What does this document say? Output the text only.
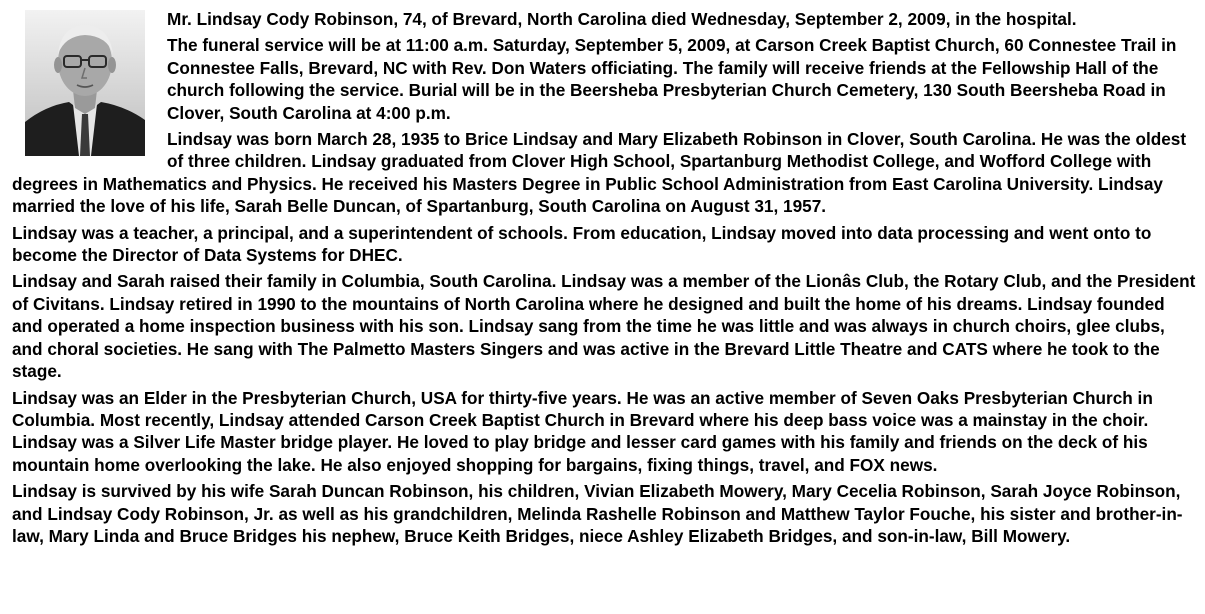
Mr. Lindsay Cody Robinson, 74, of Brevard, North Carolina died Wednesday, September 2, 2009, in the hospital.

The funeral service will be at 11:00 a.m. Saturday, September 5, 2009, at Carson Creek Baptist Church, 60 Connestee Trail in Connestee Falls, Brevard, NC with Rev. Don Waters officiating. The family will receive friends at the Fellowship Hall of the church following the service. Burial will be in the Beersheba Presbyterian Church Cemetery, 130 South Beersheba Road in Clover, South Carolina at 4:00 p.m.

Lindsay was born March 28, 1935 to Brice Lindsay and Mary Elizabeth Robinson in Clover, South Carolina. He was the oldest of three children. Lindsay graduated from Clover High School, Spartanburg Methodist College, and Wofford College with degrees in Mathematics and Physics. He received his Masters Degree in Public School Administration from East Carolina University. Lindsay married the love of his life, Sarah Belle Duncan, of Spartanburg, South Carolina on August 31, 1957.

Lindsay was a teacher, a principal, and a superintendent of schools. From education, Lindsay moved into data processing and went onto to become the Director of Data Systems for DHEC.

Lindsay and Sarah raised their family in Columbia, South Carolina. Lindsay was a member of the Lionâs Club, the Rotary Club, and the President of Civitans. Lindsay retired in 1990 to the mountains of North Carolina where he designed and built the home of his dreams. Lindsay founded and operated a home inspection business with his son. Lindsay sang from the time he was little and was always in church choirs, glee clubs, and choral societies. He sang with The Palmetto Masters Singers and was active in the Brevard Little Theatre and CATS where he took to the stage.

Lindsay was an Elder in the Presbyterian Church, USA for thirty-five years. He was an active member of Seven Oaks Presbyterian Church in Columbia. Most recently, Lindsay attended Carson Creek Baptist Church in Brevard where his deep bass voice was a mainstay in the choir. Lindsay was a Silver Life Master bridge player. He loved to play bridge and lesser card games with his family and friends on the deck of his mountain home overlooking the lake. He also enjoyed shopping for bargains, fixing things, travel, and FOX news.

Lindsay is survived by his wife Sarah Duncan Robinson, his children, Vivian Elizabeth Mowery, Mary Cecelia Robinson, Sarah Joyce Robinson, and Lindsay Cody Robinson, Jr. as well as his grandchildren, Melinda Rashelle Robinson and Matthew Taylor Fouche, his sister and brother-in-law, Mary Linda and Bruce Bridges his nephew, Bruce Keith Bridges, niece Ashley Elizabeth Bridges, and son-in-law, Bill Mowery.
